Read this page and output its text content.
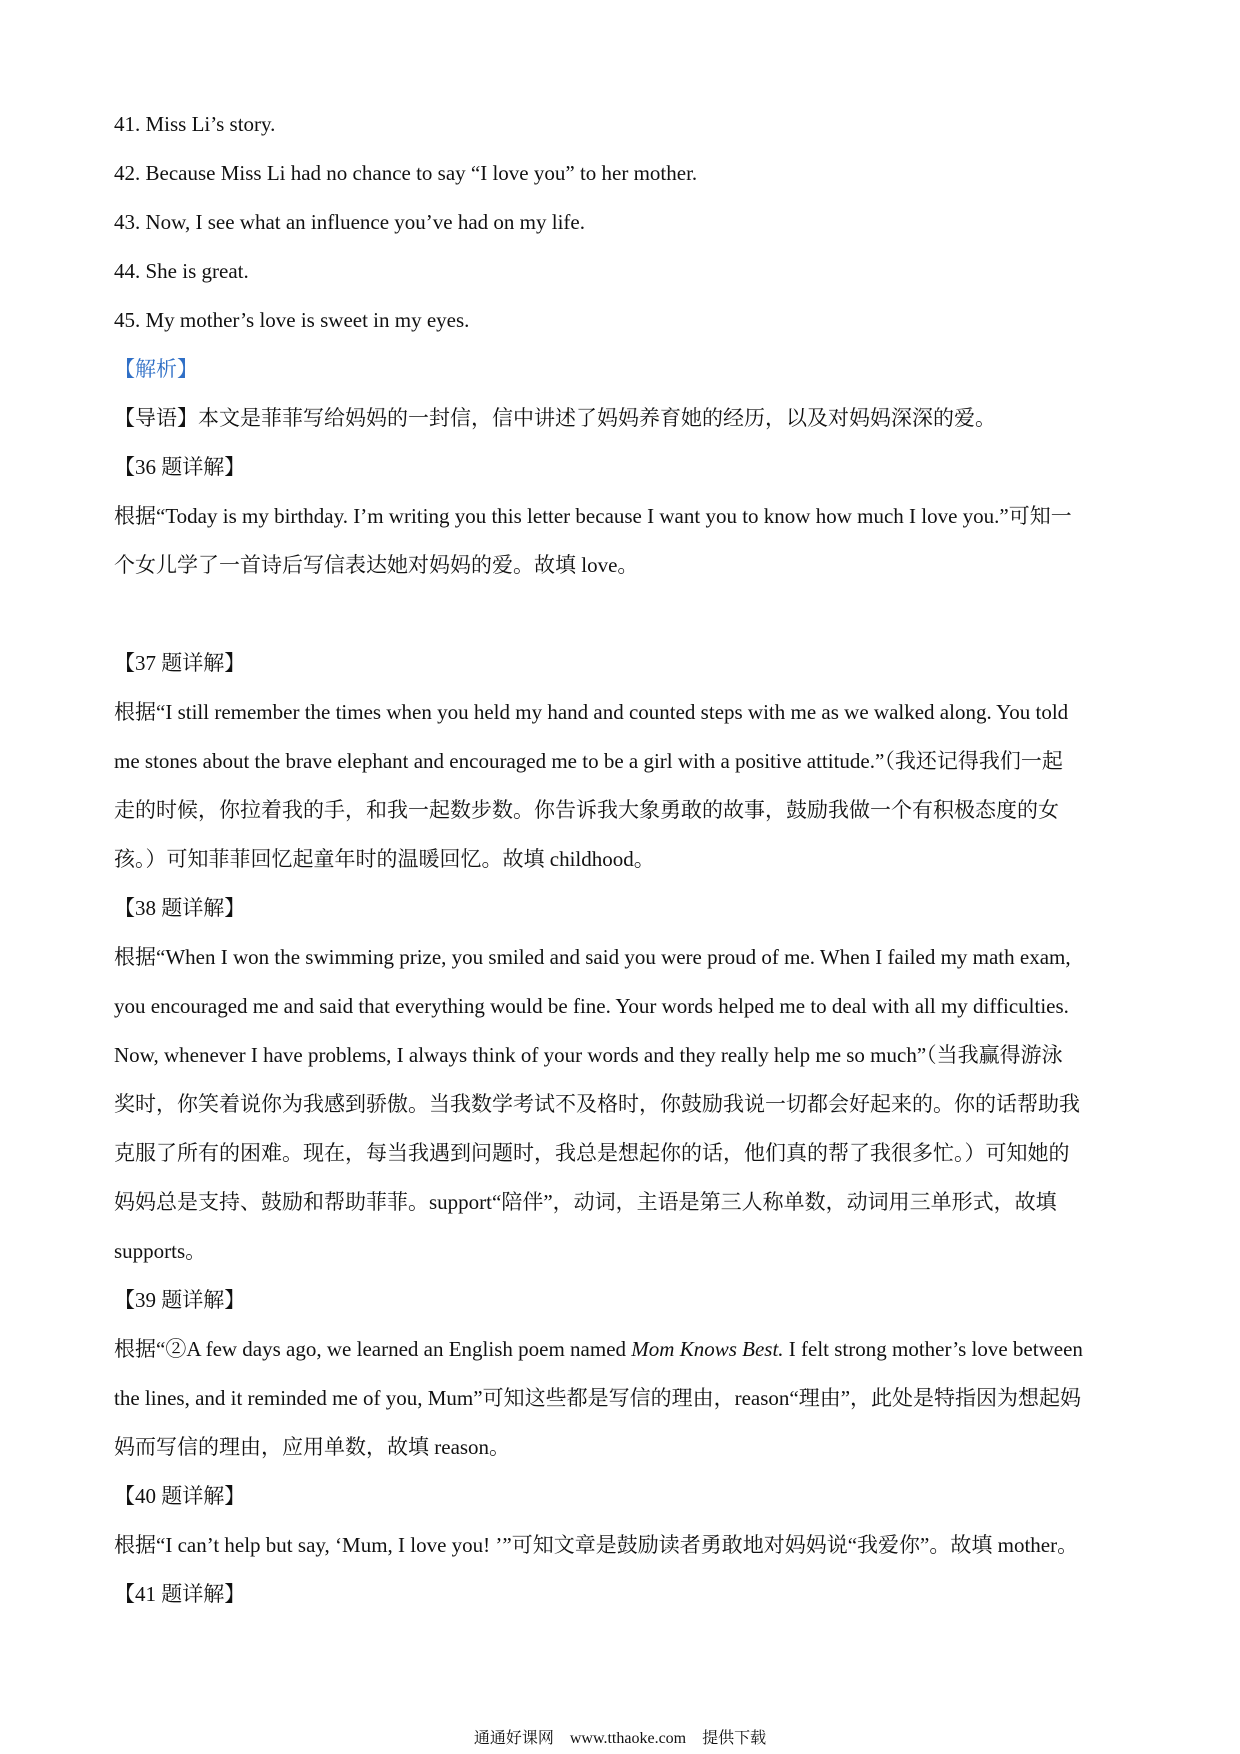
41. Miss Li’s story.
42. Because Miss Li had no chance to say “I love you” to her mother.
43. Now, I see what an influence you’ve had on my life.
44. She is great.
45. My mother’s love is sweet in my eyes.
【解析】
【导语】本文是菲菲写给妈妈的一封信，信中讲述了妈妈养育她的经历，以及对妈妈深深的爱。
【36 题详解】
根据“Today is my birthday. I’m writing you this letter because I want you to know how much I love you.”可知一
个女儿学了一首诗后写信表达她对妈妈的爱。故填 love。
【37 题详解】
根据“I still remember the times when you held my hand and counted steps with me as we walked along. You told
me stones about the brave elephant and encouraged me to be a girl with a positive attitude.”（我还记得我们一起
走的时候，你拉着我的手，和我一起数步数。你告诉我大象勇敢的故事，鼓励我做一个有积极态度的女
孩。）可知菲菲回忆起童年时的温暖回忆。故填 childhood。
【38 题详解】
根据“When I won the swimming prize, you smiled and said you were proud of me. When I failed my math exam,
you encouraged me and said that everything would be fine. Your words helped me to deal with all my difficulties.
Now, whenever I have problems, I always think of your words and they really help me so much”（当我赢得游泳
奖时，你笑着说你为我感到骄傲。当我数学考试不及格时，你鼓励我说一切都会好起来的。你的话帮助我
克服了所有的困难。现在，每当我遇到问题时，我总是想起你的话，他们真的帮了我很多忙。）可知她的
妈妈总是支持、鼓励和帮助菲菲。support“陪伴”，动词，主语是第三人称单数，动词用三单形式，故填
supports。
【39 题详解】
根据“②A few days ago, we learned an English poem named Mom Knows Best. I felt strong mother’s love between
the lines, and it reminded me of you, Mum”可知这些都是写信的理由，reason“理由”，此处是特指因为想起妈
妈而写信的理由，应用单数，故填 reason。
【40 题详解】
根据“I can’t help but say, ‘Mum, I love you! ’”可知文章是鼓励读者勇敢地对妈妈说“我爱你”。故填 mother。
【41 题详解】
通通好课网 www.tthaoke.com 提供下载
